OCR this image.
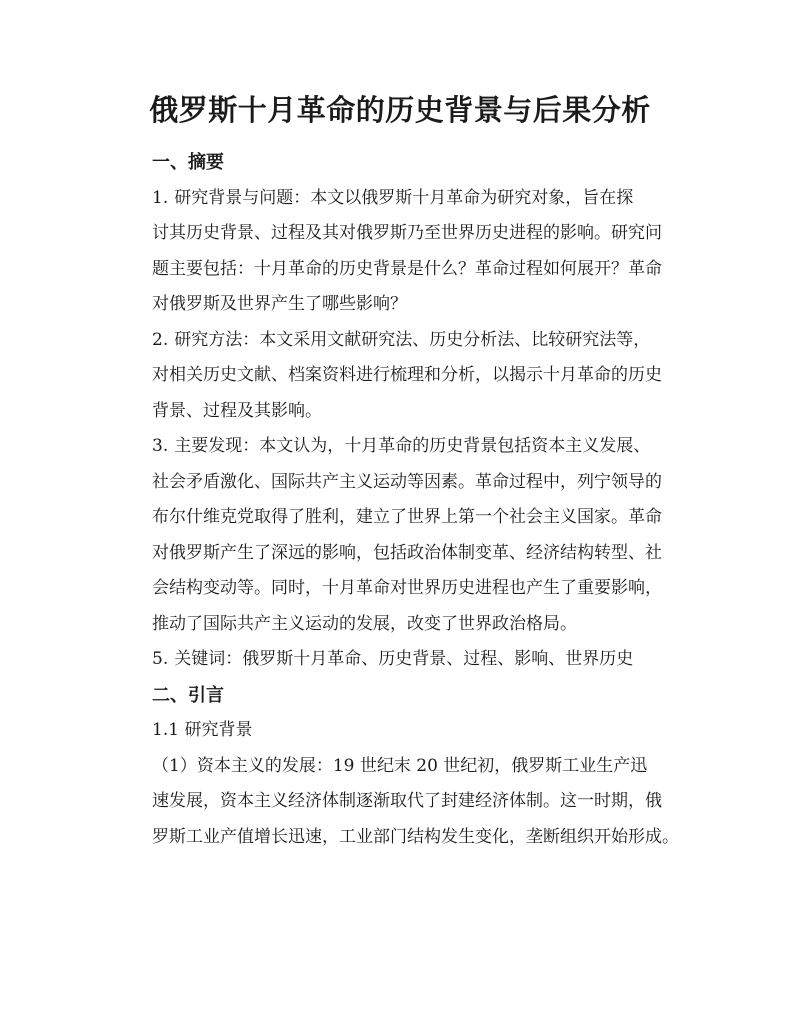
俄罗斯十月革命的历史背景与后果分析

一、摘要

1. 研究背景与问题：本文以俄罗斯十月革命为研究对象，旨在探
讨其历史背景、过程及其对俄罗斯乃至世界历史进程的影响。研究问
题主要包括：十月革命的历史背景是什么？革命过程如何展开？革命
对俄罗斯及世界产生了哪些影响？

2. 研究方法：本文采用文献研究法、历史分析法、比较研究法等，
对相关历史文献、档案资料进行梳理和分析，以揭示十月革命的历史
背景、过程及其影响。

3. 主要发现：本文认为，十月革命的历史背景包括资本主义发展、
社会矛盾激化、国际共产主义运动等因素。革命过程中，列宁领导的
布尔什维克党取得了胜利，建立了世界上第一个社会主义国家。革命
对俄罗斯产生了深远的影响，包括政治体制变革、经济结构转型、社
会结构变动等。同时，十月革命对世界历史进程也产生了重要影响，
推动了国际共产主义运动的发展，改变了世界政治格局。

5. 关键词：俄罗斯十月革命、历史背景、过程、影响、世界历史

二、引言

1.1 研究背景

（1）资本主义的发展：19 世纪末 20 世纪初，俄罗斯工业生产迅
速发展，资本主义经济体制逐渐取代了封建经济体制。这一时期，俄
罗斯工业产值增长迅速，工业部门结构发生变化，垄断组织开始形成。
